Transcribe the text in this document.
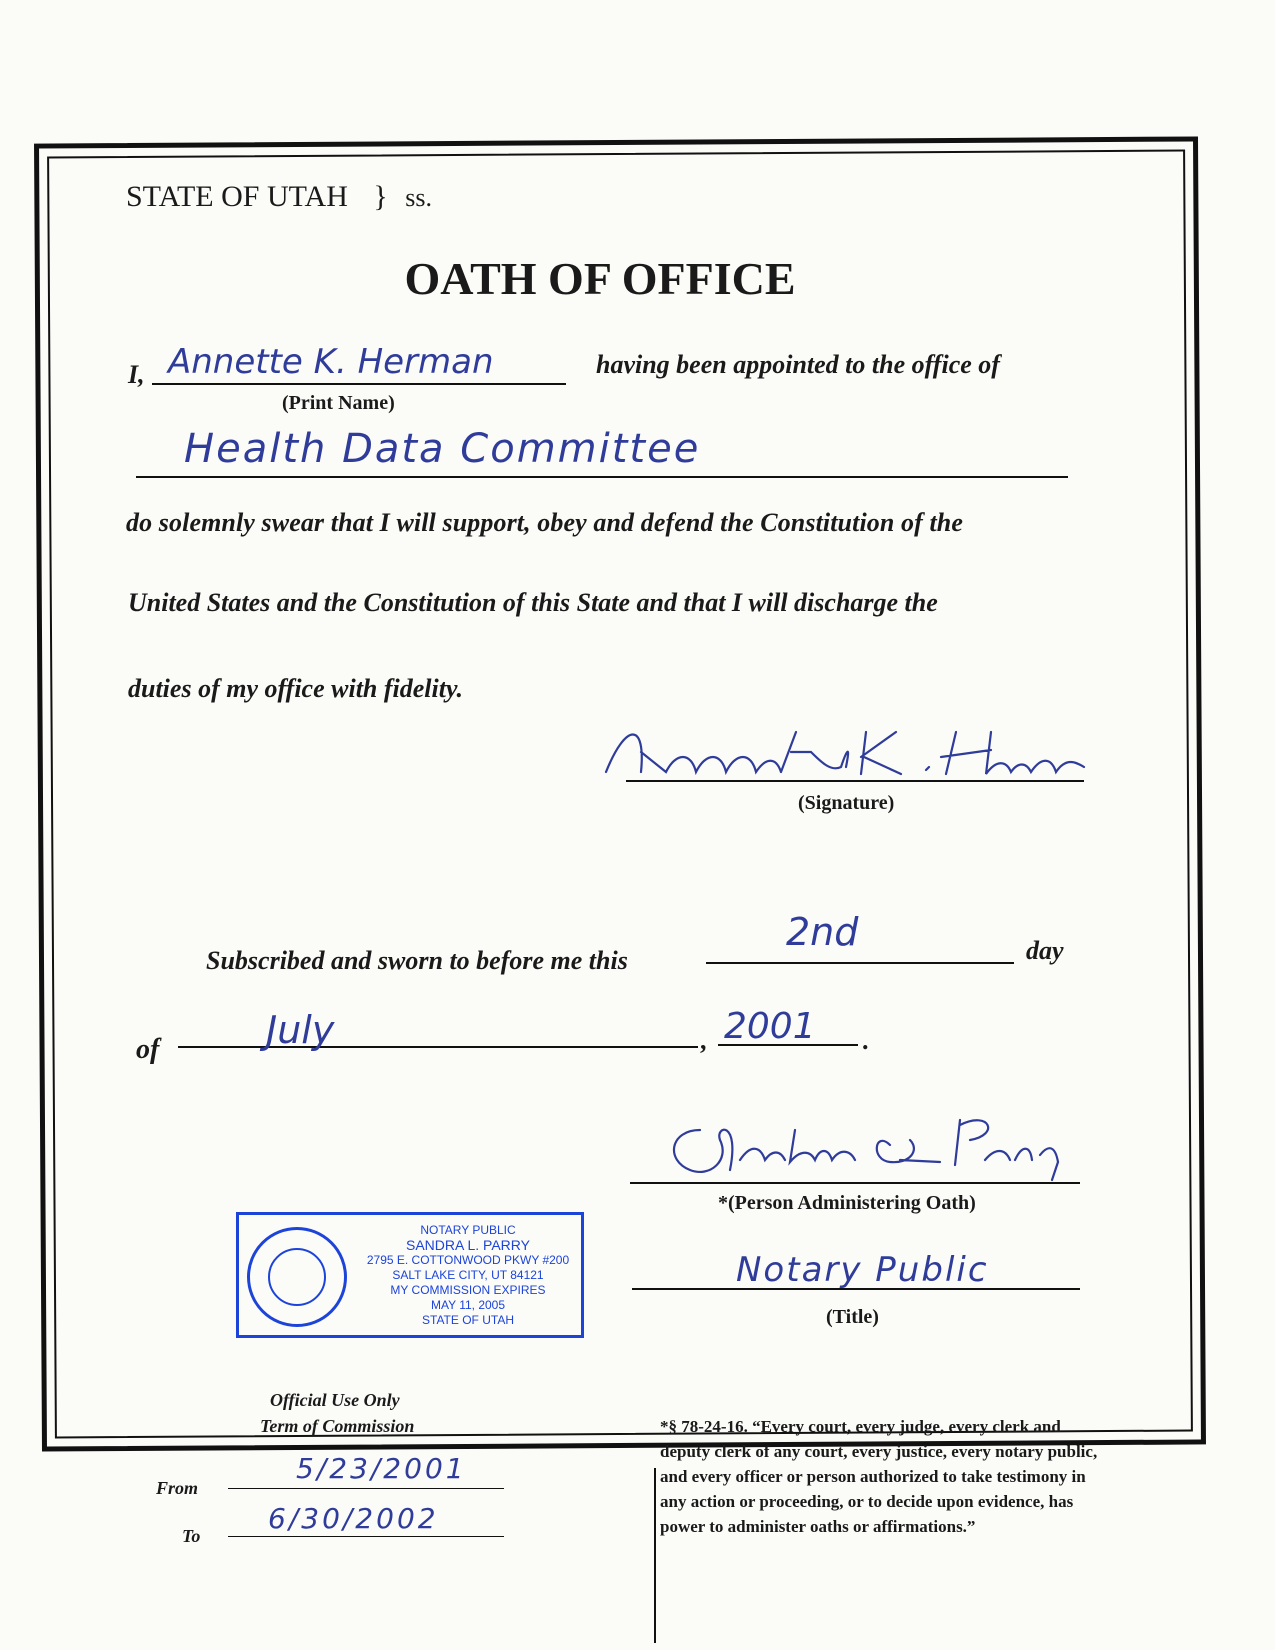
STATE OF UTAH } ss.
OATH OF OFFICE
I, Annette K. Herman
(Print Name)
having been appointed to the office of
Health Data Committee
do solemnly swear that I will support, obey and defend the Constitution of the
United States and the Constitution of this State and that I will discharge the
duties of my office with fidelity.
(Signature)
Subscribed and sworn to before me this
2nd	day
of	July	, 2001 .
NOTARY PUBLIC
SANDRA L. PARRY
2795 E. COTTONWOOD PKWY #200
SALT LAKE CITY, UT 84121
MY COMMISSION EXPIRES
MAY 11, 2005
STATE OF UTAH
*(Person Administering Oath)
Notary Public
(Title)
Official Use Only
Term of Commission
From
5/23/2001
To
6/30/2002
*§ 78-24-16. “Every court, every judge, every clerk and
deputy clerk of any court, every justice, every notary public,
and every officer or person authorized to take testimony in
any action or proceeding, or to decide upon evidence, has
power to administer oaths or affirmations.”
